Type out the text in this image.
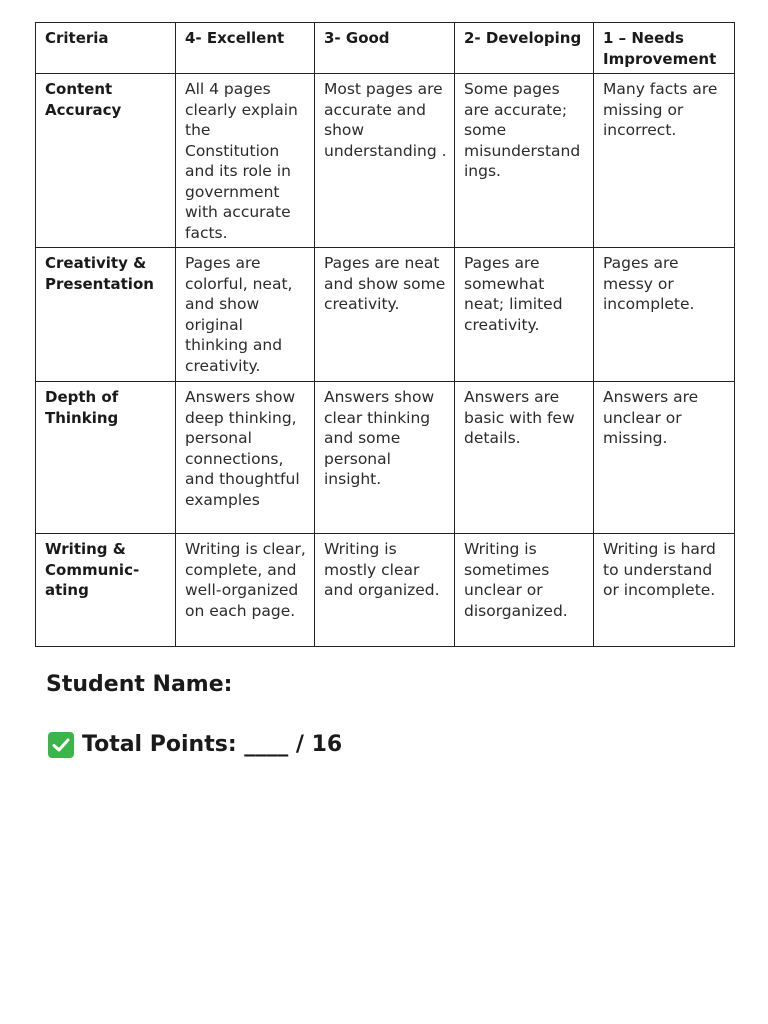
Criteria	4- Excellent	3- Good	2- Developing	1 – Needs Improvement
Content Accuracy	All 4 pages clearly explain the Constitution and its role in government with accurate facts.	Most pages are accurate and show understanding .	Some pages are accurate; some misunderstand ings.	Many facts are missing or incorrect.
Creativity & Presentation	Pages are colorful, neat, and show original thinking and creativity.	Pages are neat and show some creativity.	Pages are somewhat neat; limited creativity.	Pages are messy or incomplete.
Depth of Thinking	Answers show deep thinking, personal connections, and thoughtful examples	Answers show clear thinking and some personal insight.	Answers are basic with few details.	Answers are unclear or missing.
Writing & Communic-ating	Writing is clear, complete, and well-organized on each page.	Writing is mostly clear and organized.	Writing is sometimes unclear or disorganized.	Writing is hard to understand or incomplete.

Student Name:

Total Points: ____ / 16
